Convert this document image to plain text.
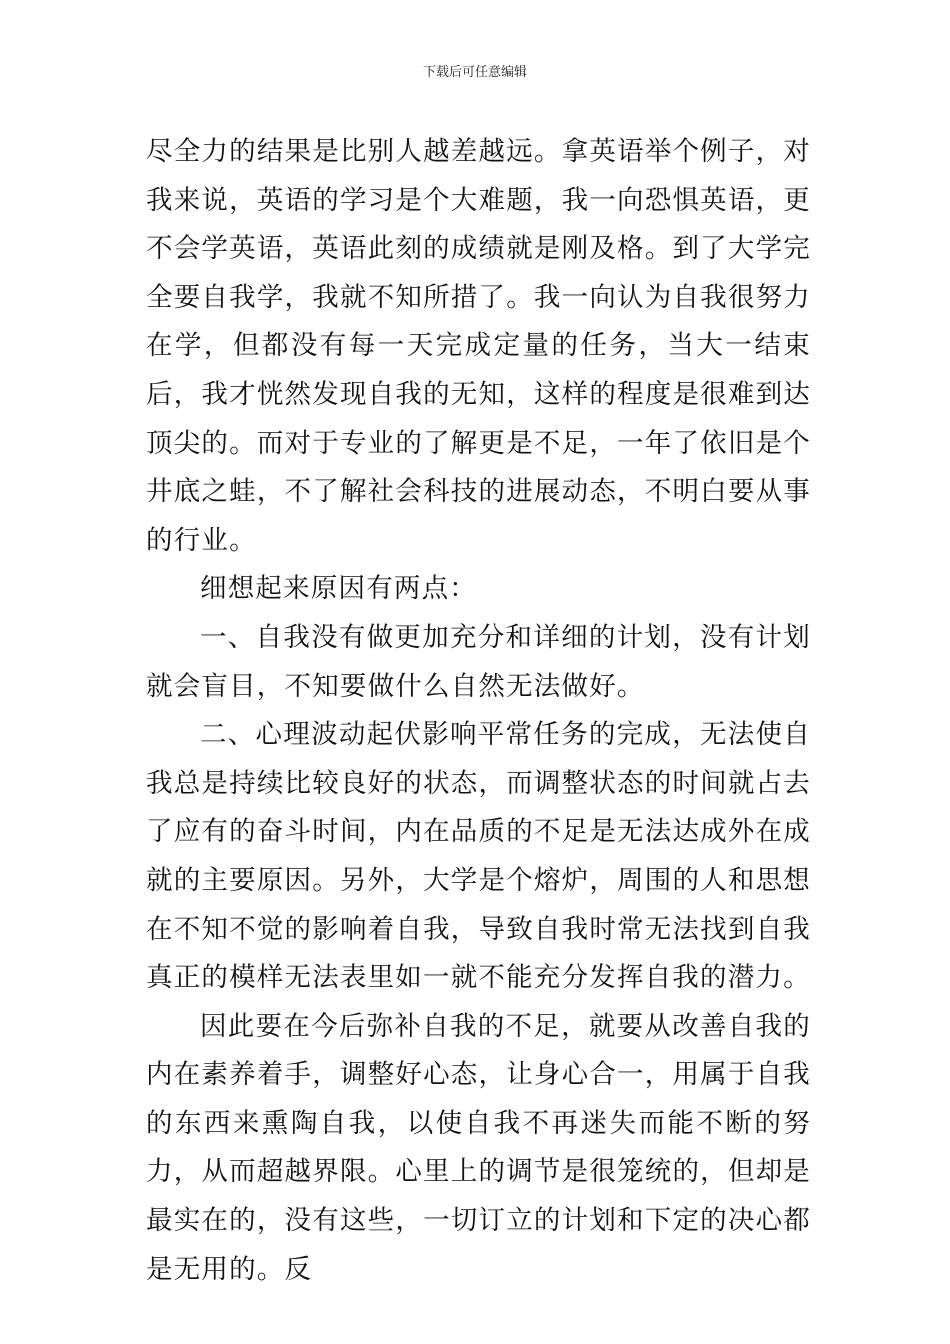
下载后可任意编辑

尽全力的结果是比别人越差越远。拿英语举个例子，对我来说，英语的学习是个大难题，我一向恐惧英语，更不会学英语，英语此刻的成绩就是刚及格。到了大学完全要自我学，我就不知所措了。我一向认为自我很努力在学，但都没有每一天完成定量的任务，当大一结束后，我才恍然发现自我的无知，这样的程度是很难到达顶尖的。而对于专业的了解更是不足，一年了依旧是个井底之蛙，不了解社会科技的进展动态，不明白要从事的行业。

细想起来原因有两点：

一、自我没有做更加充分和详细的计划，没有计划就会盲目，不知要做什么自然无法做好。

二、心理波动起伏影响平常任务的完成，无法使自我总是持续比较良好的状态，而调整状态的时间就占去了应有的奋斗时间，内在品质的不足是无法达成外在成就的主要原因。另外，大学是个熔炉，周围的人和思想在不知不觉的影响着自我，导致自我时常无法找到自我真正的模样无法表里如一就不能充分发挥自我的潜力。

因此要在今后弥补自我的不足，就要从改善自我的内在素养着手，调整好心态，让身心合一，用属于自我的东西来熏陶自我，以使自我不再迷失而能不断的努力，从而超越界限。心里上的调节是很笼统的，但却是最实在的，没有这些，一切订立的计划和下定的决心都是无用的。反
